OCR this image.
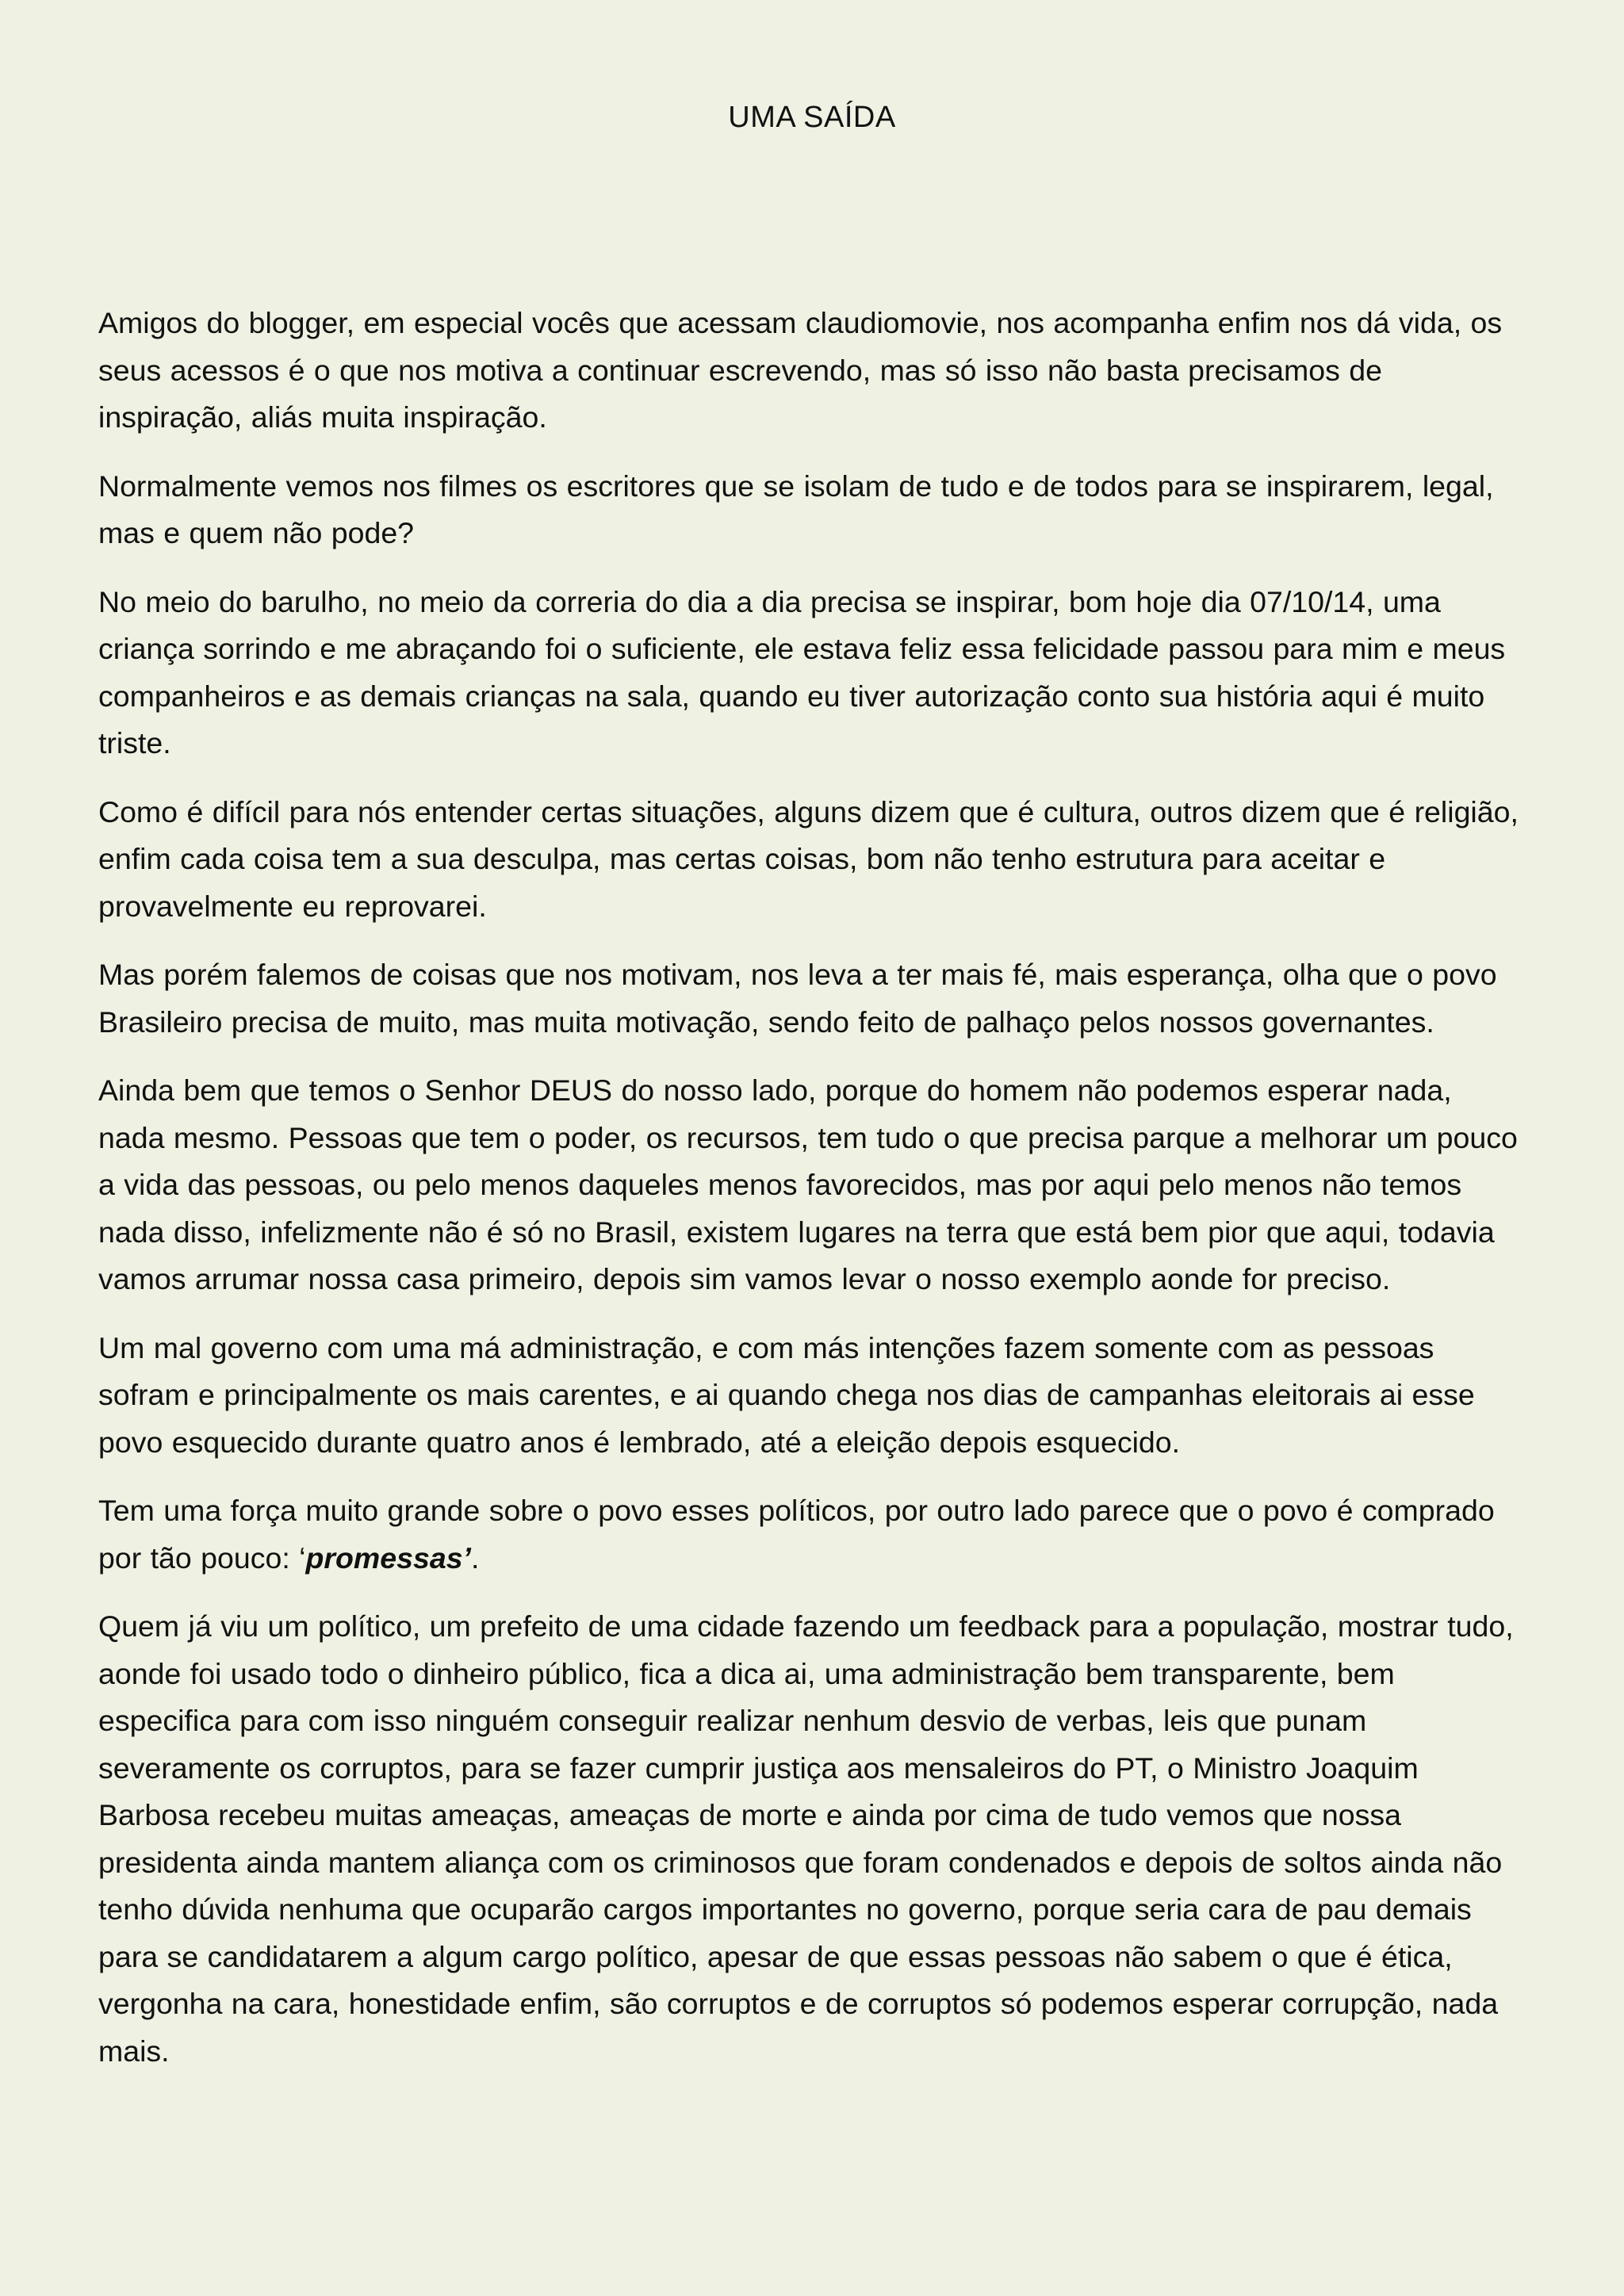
UMA SAÍDA

Amigos do blogger, em especial vocês que acessam claudiomovie, nos acompanha enfim nos dá vida, os seus acessos é o que nos motiva a continuar escrevendo, mas só isso não basta precisamos de inspiração, aliás muita inspiração.

Normalmente vemos nos filmes os escritores que se isolam de tudo e de todos para se inspirarem, legal, mas e quem não pode?

No meio do barulho, no meio da correria do dia a dia precisa se inspirar, bom hoje dia 07/10/14, uma criança sorrindo e me abraçando foi o suficiente, ele estava feliz essa felicidade passou para mim e meus companheiros e as demais crianças na sala, quando eu tiver autorização conto sua história aqui é muito triste.

Como é difícil para nós entender certas situações, alguns dizem que é cultura, outros dizem que é religião, enfim cada coisa tem a sua desculpa, mas certas coisas, bom não tenho estrutura para aceitar e provavelmente eu reprovarei.

Mas porém falemos de coisas que nos motivam, nos leva a ter mais fé, mais esperança, olha que o povo Brasileiro precisa de muito, mas muita motivação, sendo feito de palhaço pelos nossos governantes.

Ainda bem que temos o Senhor DEUS do nosso lado, porque do homem não podemos esperar nada, nada mesmo. Pessoas que tem o poder, os recursos, tem tudo o que precisa parque a melhorar um pouco a vida das pessoas, ou pelo menos daqueles menos favorecidos, mas por aqui pelo menos não temos nada disso, infelizmente não é só no Brasil, existem lugares na terra que está bem pior que aqui, todavia vamos arrumar nossa casa primeiro, depois sim vamos levar o nosso exemplo aonde for preciso.

Um mal governo com uma má administração, e com más intenções fazem somente com as pessoas sofram e principalmente os mais carentes, e ai quando chega nos dias de campanhas eleitorais ai esse povo esquecido durante quatro anos é lembrado, até a eleição depois esquecido.

Tem uma força muito grande sobre o povo esses políticos, por outro lado parece que o povo é comprado por tão pouco: ‘promessas’.

Quem já viu um político, um prefeito de uma cidade fazendo um feedback para a população, mostrar tudo, aonde foi usado todo o dinheiro público, fica a dica ai, uma administração bem transparente, bem especifica para com isso ninguém conseguir realizar nenhum desvio de verbas, leis que punam severamente os corruptos, para se fazer cumprir justiça aos mensaleiros do PT, o Ministro Joaquim Barbosa recebeu muitas ameaças, ameaças de morte e ainda por cima de tudo vemos que nossa presidenta ainda mantem aliança com os criminosos que foram condenados e depois de soltos ainda não tenho dúvida nenhuma que ocuparão cargos importantes no governo, porque seria cara de pau demais para se candidatarem a algum cargo político, apesar de que essas pessoas não sabem o que é ética, vergonha na cara, honestidade enfim, são corruptos e de corruptos só podemos esperar corrupção, nada mais.
